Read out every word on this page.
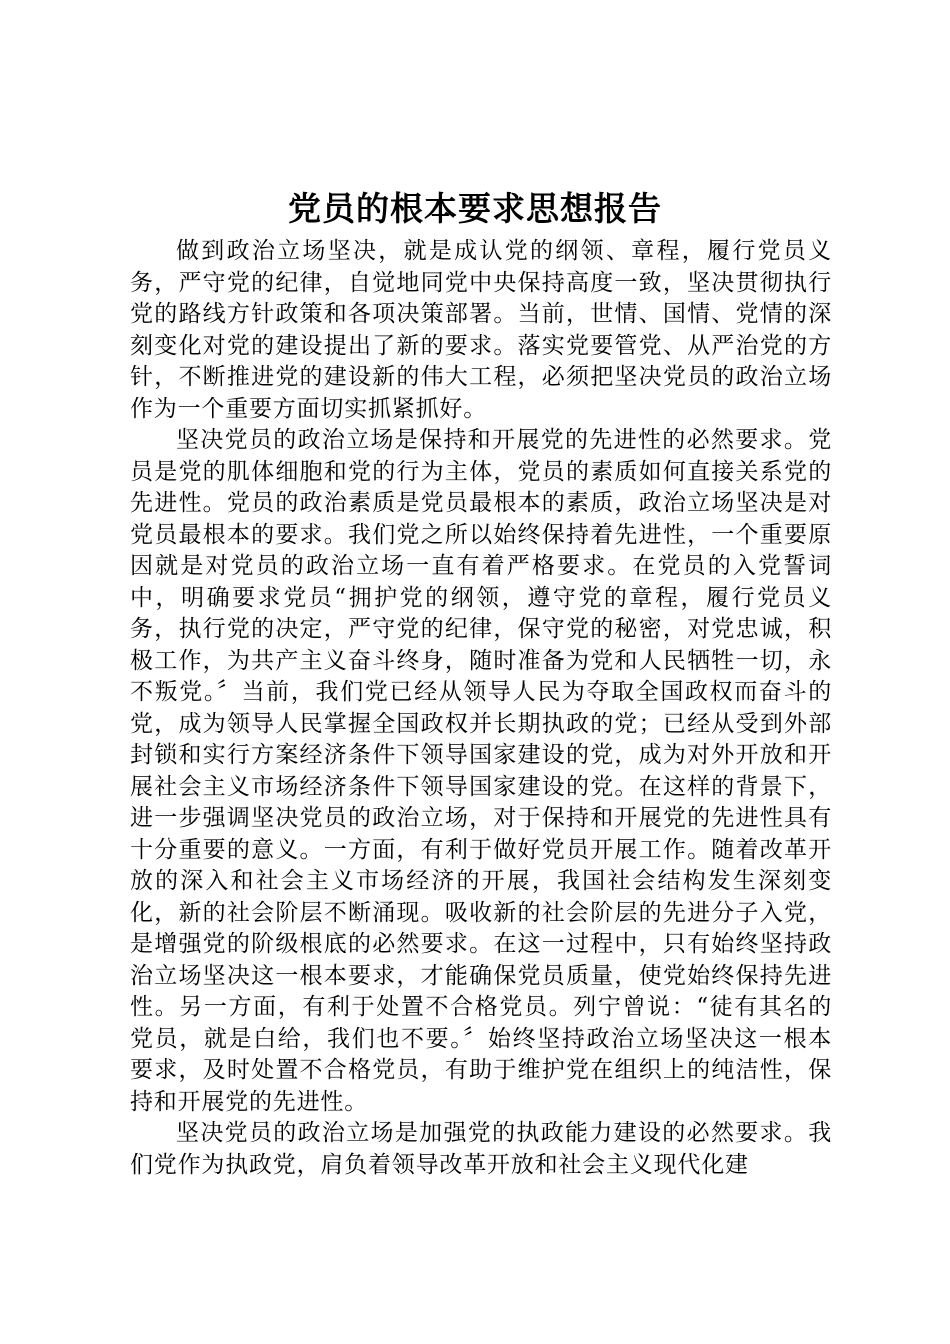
党员的根本要求思想报告

做到政治立场坚决，就是成认党的纲领、章程，履行党员义务，严守党的纪律，自觉地同党中央保持高度一致，坚决贯彻执行党的路线方针政策和各项决策部署。当前，世情、国情、党情的深刻变化对党的建设提出了新的要求。落实党要管党、从严治党的方针，不断推进党的建设新的伟大工程，必须把坚决党员的政治立场作为一个重要方面切实抓紧抓好。

坚决党员的政治立场是保持和开展党的先进性的必然要求。党员是党的肌体细胞和党的行为主体，党员的素质如何直接关系党的先进性。党员的政治素质是党员最根本的素质，政治立场坚决是对党员最根本的要求。我们党之所以始终保持着先进性，一个重要原因就是对党员的政治立场一直有着严格要求。在党员的入党誓词中，明确要求党员“拥护党的纲领，遵守党的章程，履行党员义务，执行党的决定，严守党的纪律，保守党的秘密，对党忠诚，积极工作，为共产主义奋斗终身，随时准备为党和人民牺牲一切，永不叛党。〞当前，我们党已经从领导人民为夺取全国政权而奋斗的党，成为领导人民掌握全国政权并长期执政的党；已经从受到外部封锁和实行方案经济条件下领导国家建设的党，成为对外开放和开展社会主义市场经济条件下领导国家建设的党。在这样的背景下，进一步强调坚决党员的政治立场，对于保持和开展党的先进性具有十分重要的意义。一方面，有利于做好党员开展工作。随着改革开放的深入和社会主义市场经济的开展，我国社会结构发生深刻变化，新的社会阶层不断涌现。吸收新的社会阶层的先进分子入党，是增强党的阶级根底的必然要求。在这一过程中，只有始终坚持政治立场坚决这一根本要求，才能确保党员质量，使党始终保持先进性。另一方面，有利于处置不合格党员。列宁曾说：“徒有其名的党员，就是白给，我们也不要。〞始终坚持政治立场坚决这一根本要求，及时处置不合格党员，有助于维护党在组织上的纯洁性，保持和开展党的先进性。

坚决党员的政治立场是加强党的执政能力建设的必然要求。我们党作为执政党，肩负着领导改革开放和社会主义现代化建
